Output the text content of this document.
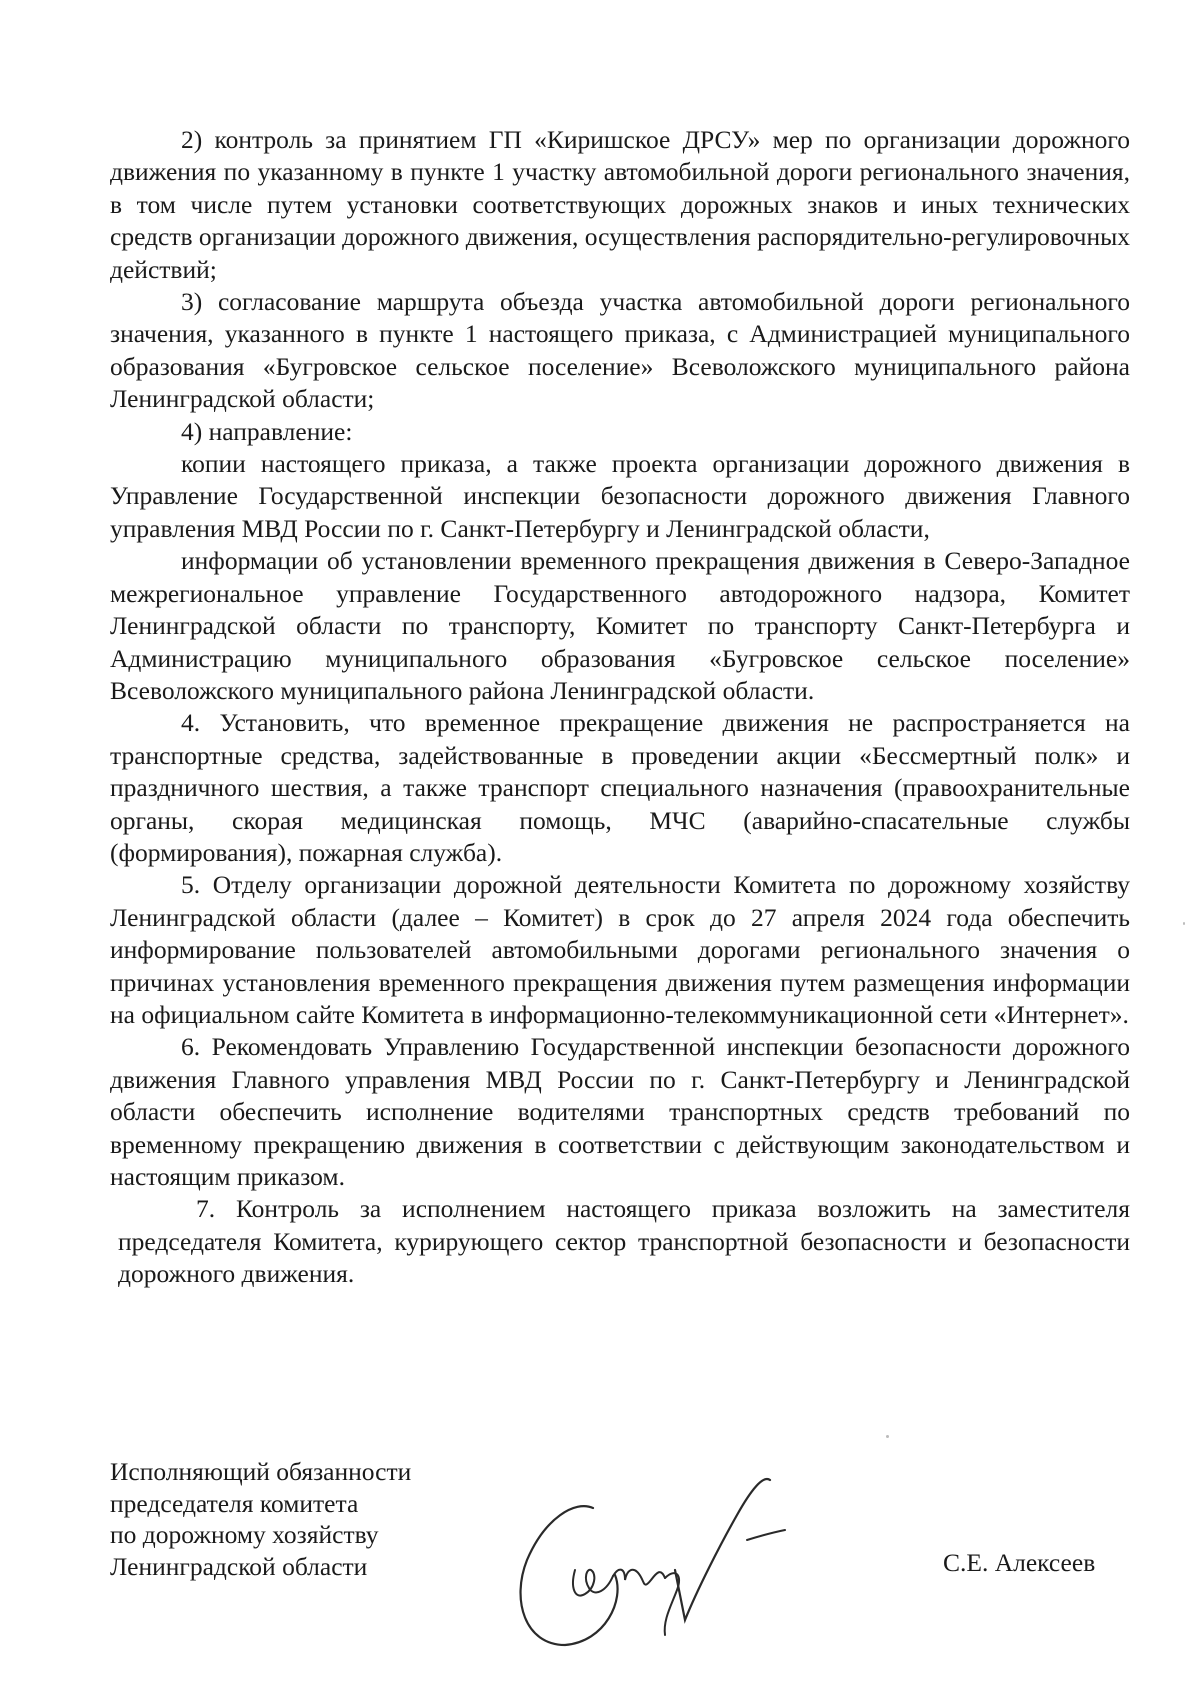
2) контроль за принятием ГП «Киришское ДРСУ» мер по организации дорожного движения по указанному в пункте 1 участку автомобильной дороги регионального значения, в том числе путем установки соответствующих дорожных знаков и иных технических средств организации дорожного движения, осуществления распорядительно-регулировочных действий;

3) согласование маршрута объезда участка автомобильной дороги регионального значения, указанного в пункте 1 настоящего приказа, с Администрацией муниципального образования «Бугровское сельское поселение» Всеволожского муниципального района Ленинградской области;

4) направление:

копии настоящего приказа, а также проекта организации дорожного движения в Управление Государственной инспекции безопасности дорожного движения Главного управления МВД России по г. Санкт-Петербургу и Ленинградской области,

информации об установлении временного прекращения движения в Северо-Западное межрегиональное управление Государственного автодорожного надзора, Комитет Ленинградской области по транспорту, Комитет по транспорту Санкт-Петербурга и Администрацию муниципального образования «Бугровское сельское поселение» Всеволожского муниципального района Ленинградской области.

4. Установить, что временное прекращение движения не распространяется на транспортные средства, задействованные в проведении акции «Бессмертный полк» и праздничного шествия, а также транспорт специального назначения (правоохранительные органы, скорая медицинская помощь, МЧС (аварийно-спасательные службы (формирования), пожарная служба).

5. Отделу организации дорожной деятельности Комитета по дорожному хозяйству Ленинградской области (далее – Комитет) в срок до 27 апреля 2024 года обеспечить информирование пользователей автомобильными дорогами регионального значения о причинах установления временного прекращения движения путем размещения информации на официальном сайте Комитета в информационно-телекоммуникационной сети «Интернет».

6. Рекомендовать Управлению Государственной инспекции безопасности дорожного движения Главного управления МВД России по г. Санкт-Петербургу и Ленинградской области обеспечить исполнение водителями транспортных средств требований по временному прекращению движения в соответствии с действующим законодательством и настоящим приказом.

7. Контроль за исполнением настоящего приказа возложить на заместителя председателя Комитета, курирующего сектор транспортной безопасности и безопасности дорожного движения.

Исполняющий обязанности
председателя комитета
по дорожному хозяйству
Ленинградской области	С.Е. Алексеев
